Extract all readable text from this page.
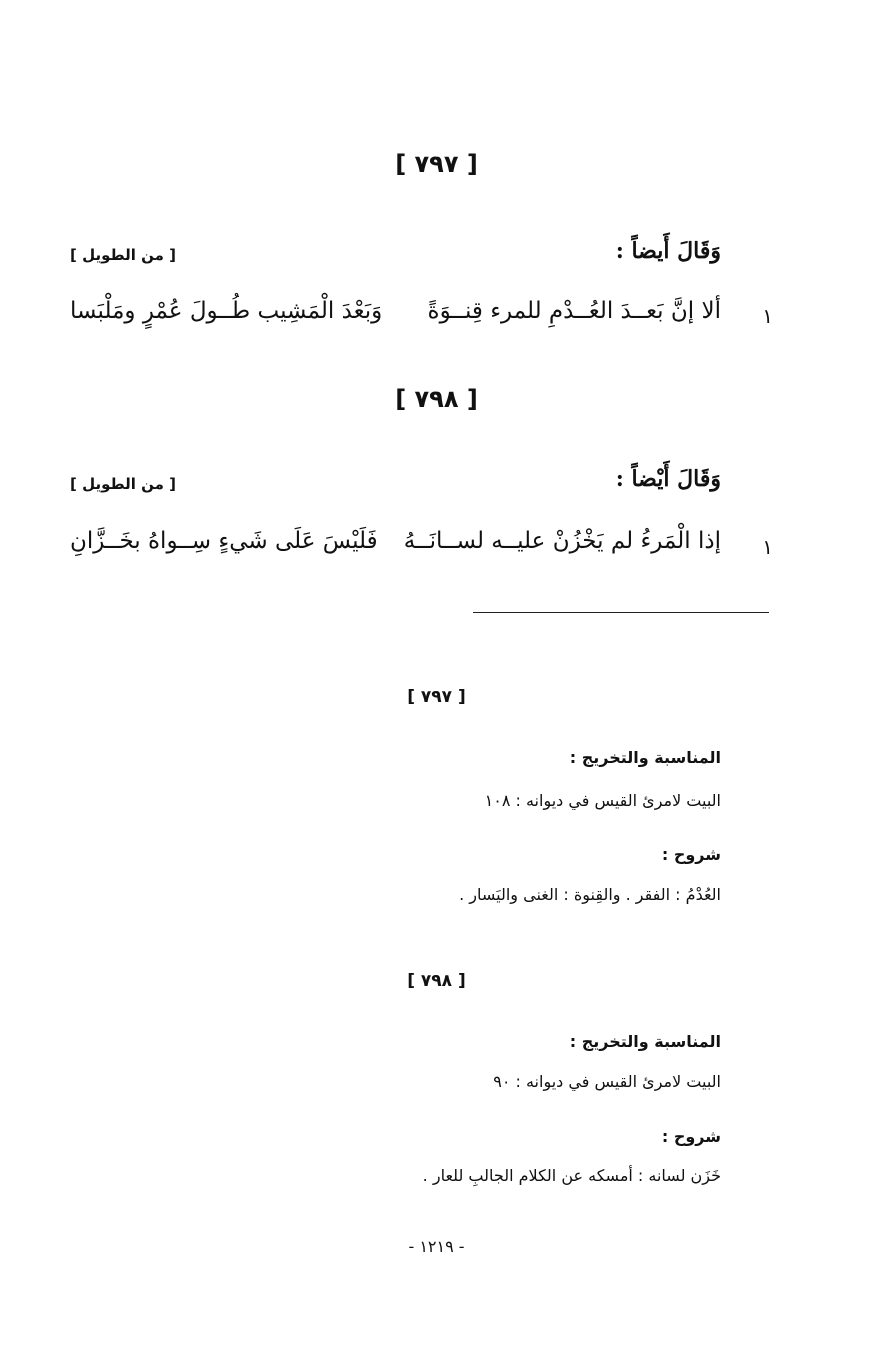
[ ٧٩٧ ]
وَقَالَ أَيضاً :
[ من الطويل ]
١
ألا إنَّ بَعــدَ العُــدْمِ للمرء قِنــوَةً
وَبَعْدَ الْمَشِيب طُــولَ عُمْرٍ ومَلْبَسا
[ ٧٩٨ ]
وَقَالَ أَيْضاً :
[ من الطويل ]
١
إذا الْمَرءُ لم يَخْزُنْ عليــه لســانَــهُ
فَلَيْسَ عَلَى شَيءٍ سِــواهُ بخَــزَّانِ
[ ٧٩٧ ]
المناسبة والتخريج :
البيت لامرئ القيس في ديوانه : ١٠٨
شروح :
العُدْمُ : الفقر . والقِنوة : الغنى واليَسار .
[ ٧٩٨ ]
المناسبة والتخريج :
البيت لامرئ القيس في ديوانه : ٩٠
شروح :
خَزَن لسانه : أمسكه عن الكلام الجالبِ للعار .
- ١٢١٩ -
